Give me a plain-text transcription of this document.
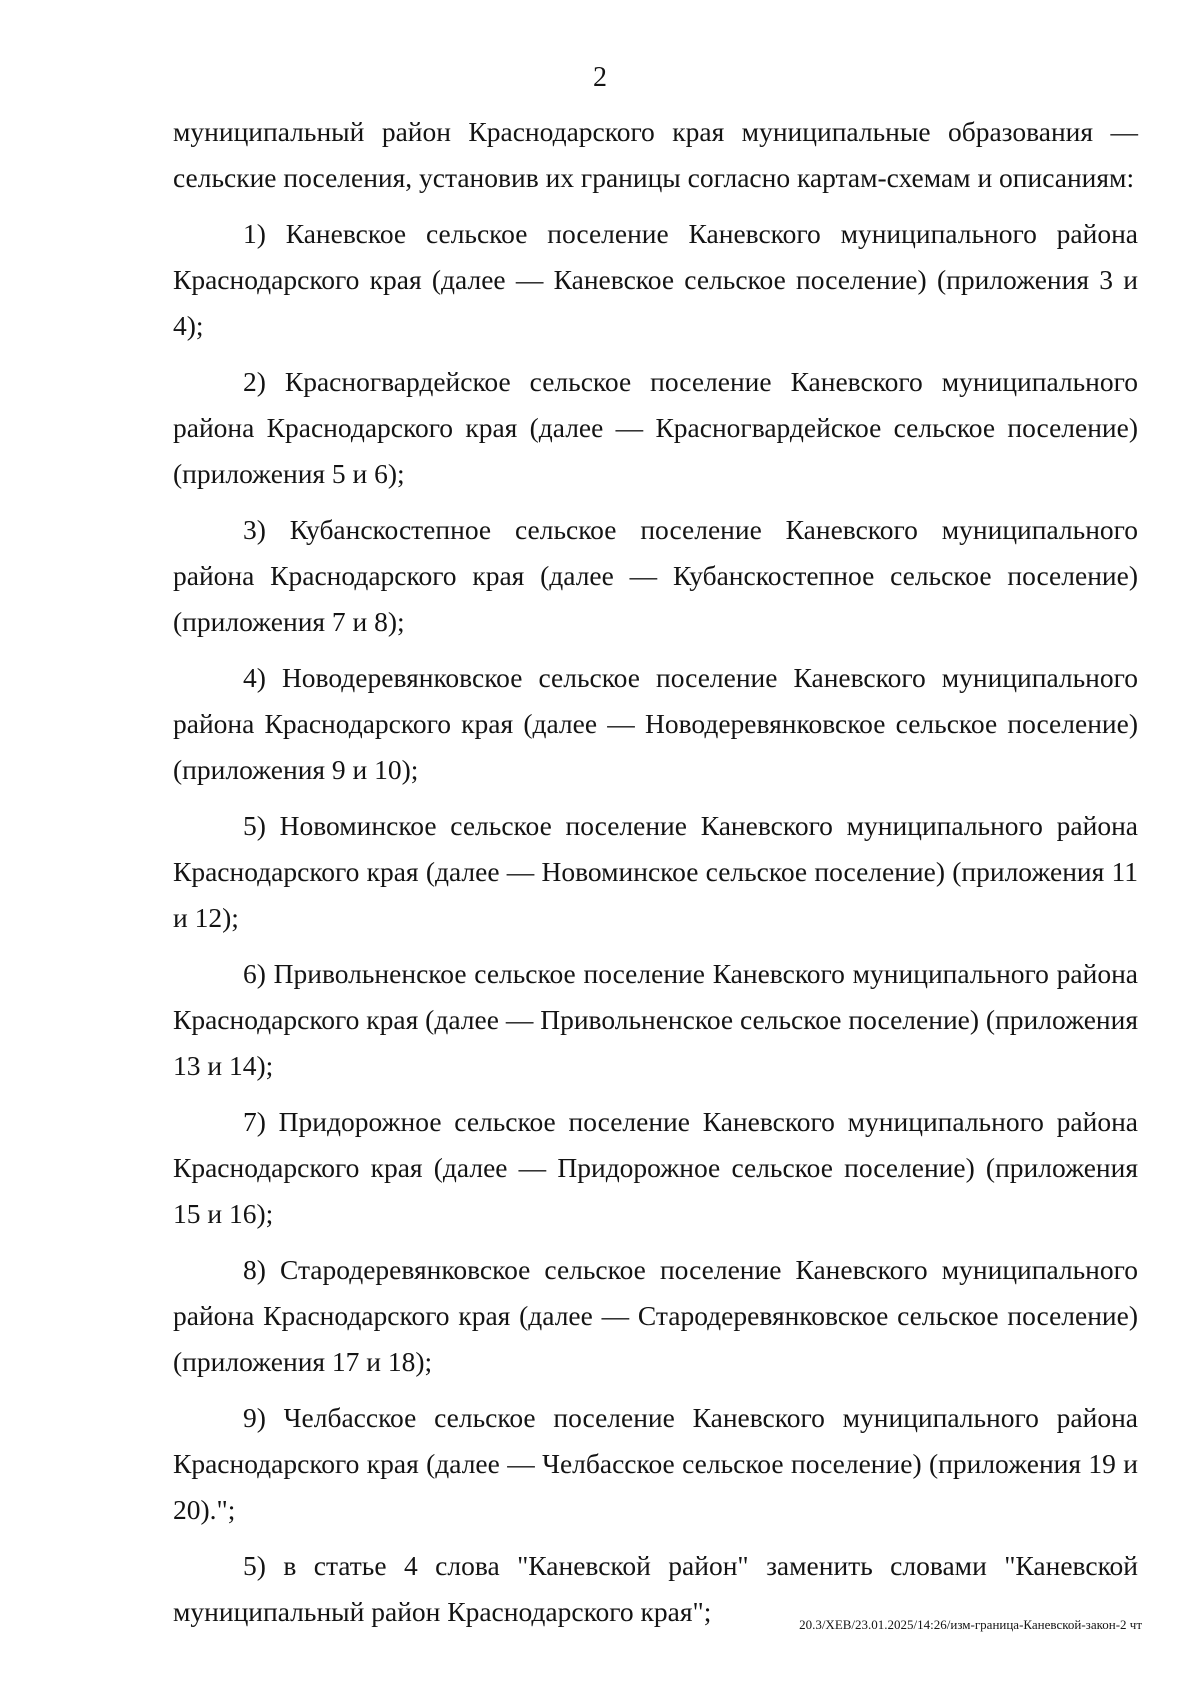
2

муниципальный район Краснодарского края муниципальные образования — сельские поселения, установив их границы согласно картам-схемам и описаниям:

1) Каневское сельское поселение Каневского муниципального района Краснодарского края (далее — Каневское сельское поселение) (приложения 3 и 4);

2) Красногвардейское сельское поселение Каневского муниципального района Краснодарского края (далее — Красногвардейское сельское поселение) (приложения 5 и 6);

3) Кубанскостепное сельское поселение Каневского муниципального района Краснодарского края (далее — Кубанскостепное сельское поселение) (приложения 7 и 8);

4) Новодеревянковское сельское поселение Каневского муниципального района Краснодарского края (далее — Новодеревянковское сельское поселение) (приложения 9 и 10);

5) Новоминское сельское поселение Каневского муниципального района Краснодарского края (далее — Новоминское сельское поселение) (приложения 11 и 12);

6) Привольненское сельское поселение Каневского муниципального района Краснодарского края (далее — Привольненское сельское поселение) (приложения 13 и 14);

7) Придорожное сельское поселение Каневского муниципального района Краснодарского края (далее — Придорожное сельское поселение) (приложения 15 и 16);

8) Стародеревянковское сельское поселение Каневского муниципального района Краснодарского края (далее — Стародеревянковское сельское поселение) (приложения 17 и 18);

9) Челбасское сельское поселение Каневского муниципального района Краснодарского края (далее — Челбасское сельское поселение) (приложения 19 и 20).";

5) в статье 4 слова "Каневской район" заменить словами "Каневской муниципальный район Краснодарского края";	20.3/ХЕВ/23.01.2025/14:26/изм-граница-Каневской-закон-2 чт
